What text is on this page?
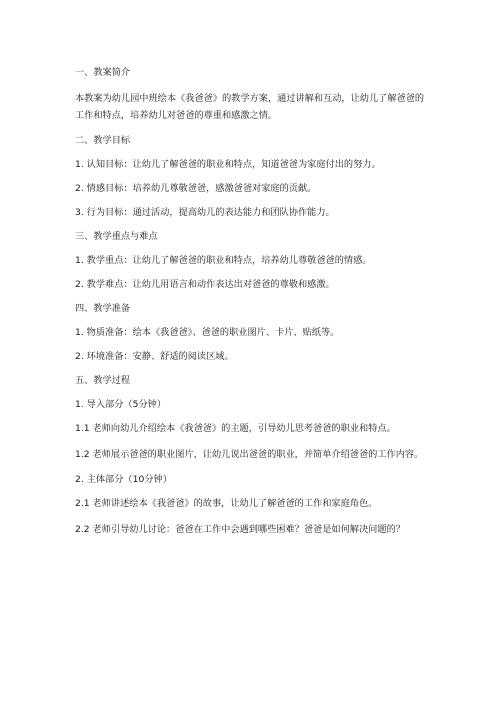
一、教案简介

本教案为幼儿园中班绘本《我爸爸》的教学方案，通过讲解和互动，让幼儿了解爸爸的工作和特点，培养幼儿对爸爸的尊重和感激之情。

二、教学目标

1. 认知目标：让幼儿了解爸爸的职业和特点，知道爸爸为家庭付出的努力。

2. 情感目标：培养幼儿尊敬爸爸，感激爸爸对家庭的贡献。

3. 行为目标：通过活动，提高幼儿的表达能力和团队协作能力。

三、教学重点与难点

1. 教学重点：让幼儿了解爸爸的职业和特点，培养幼儿尊敬爸爸的情感。

2. 教学难点：让幼儿用语言和动作表达出对爸爸的尊敬和感激。

四、教学准备

1. 物质准备：绘本《我爸爸》、爸爸的职业图片、卡片、贴纸等。

2. 环境准备：安静、舒适的阅读区域。

五、教学过程

1. 导入部分（5分钟）

1.1 老师向幼儿介绍绘本《我爸爸》的主题，引导幼儿思考爸爸的职业和特点。

1.2 老师展示爸爸的职业图片，让幼儿说出爸爸的职业，并简单介绍爸爸的工作内容。

2. 主体部分（10分钟）

2.1 老师讲述绘本《我爸爸》的故事，让幼儿了解爸爸的工作和家庭角色。

2.2 老师引导幼儿讨论：爸爸在工作中会遇到哪些困难？爸爸是如何解决问题的？
